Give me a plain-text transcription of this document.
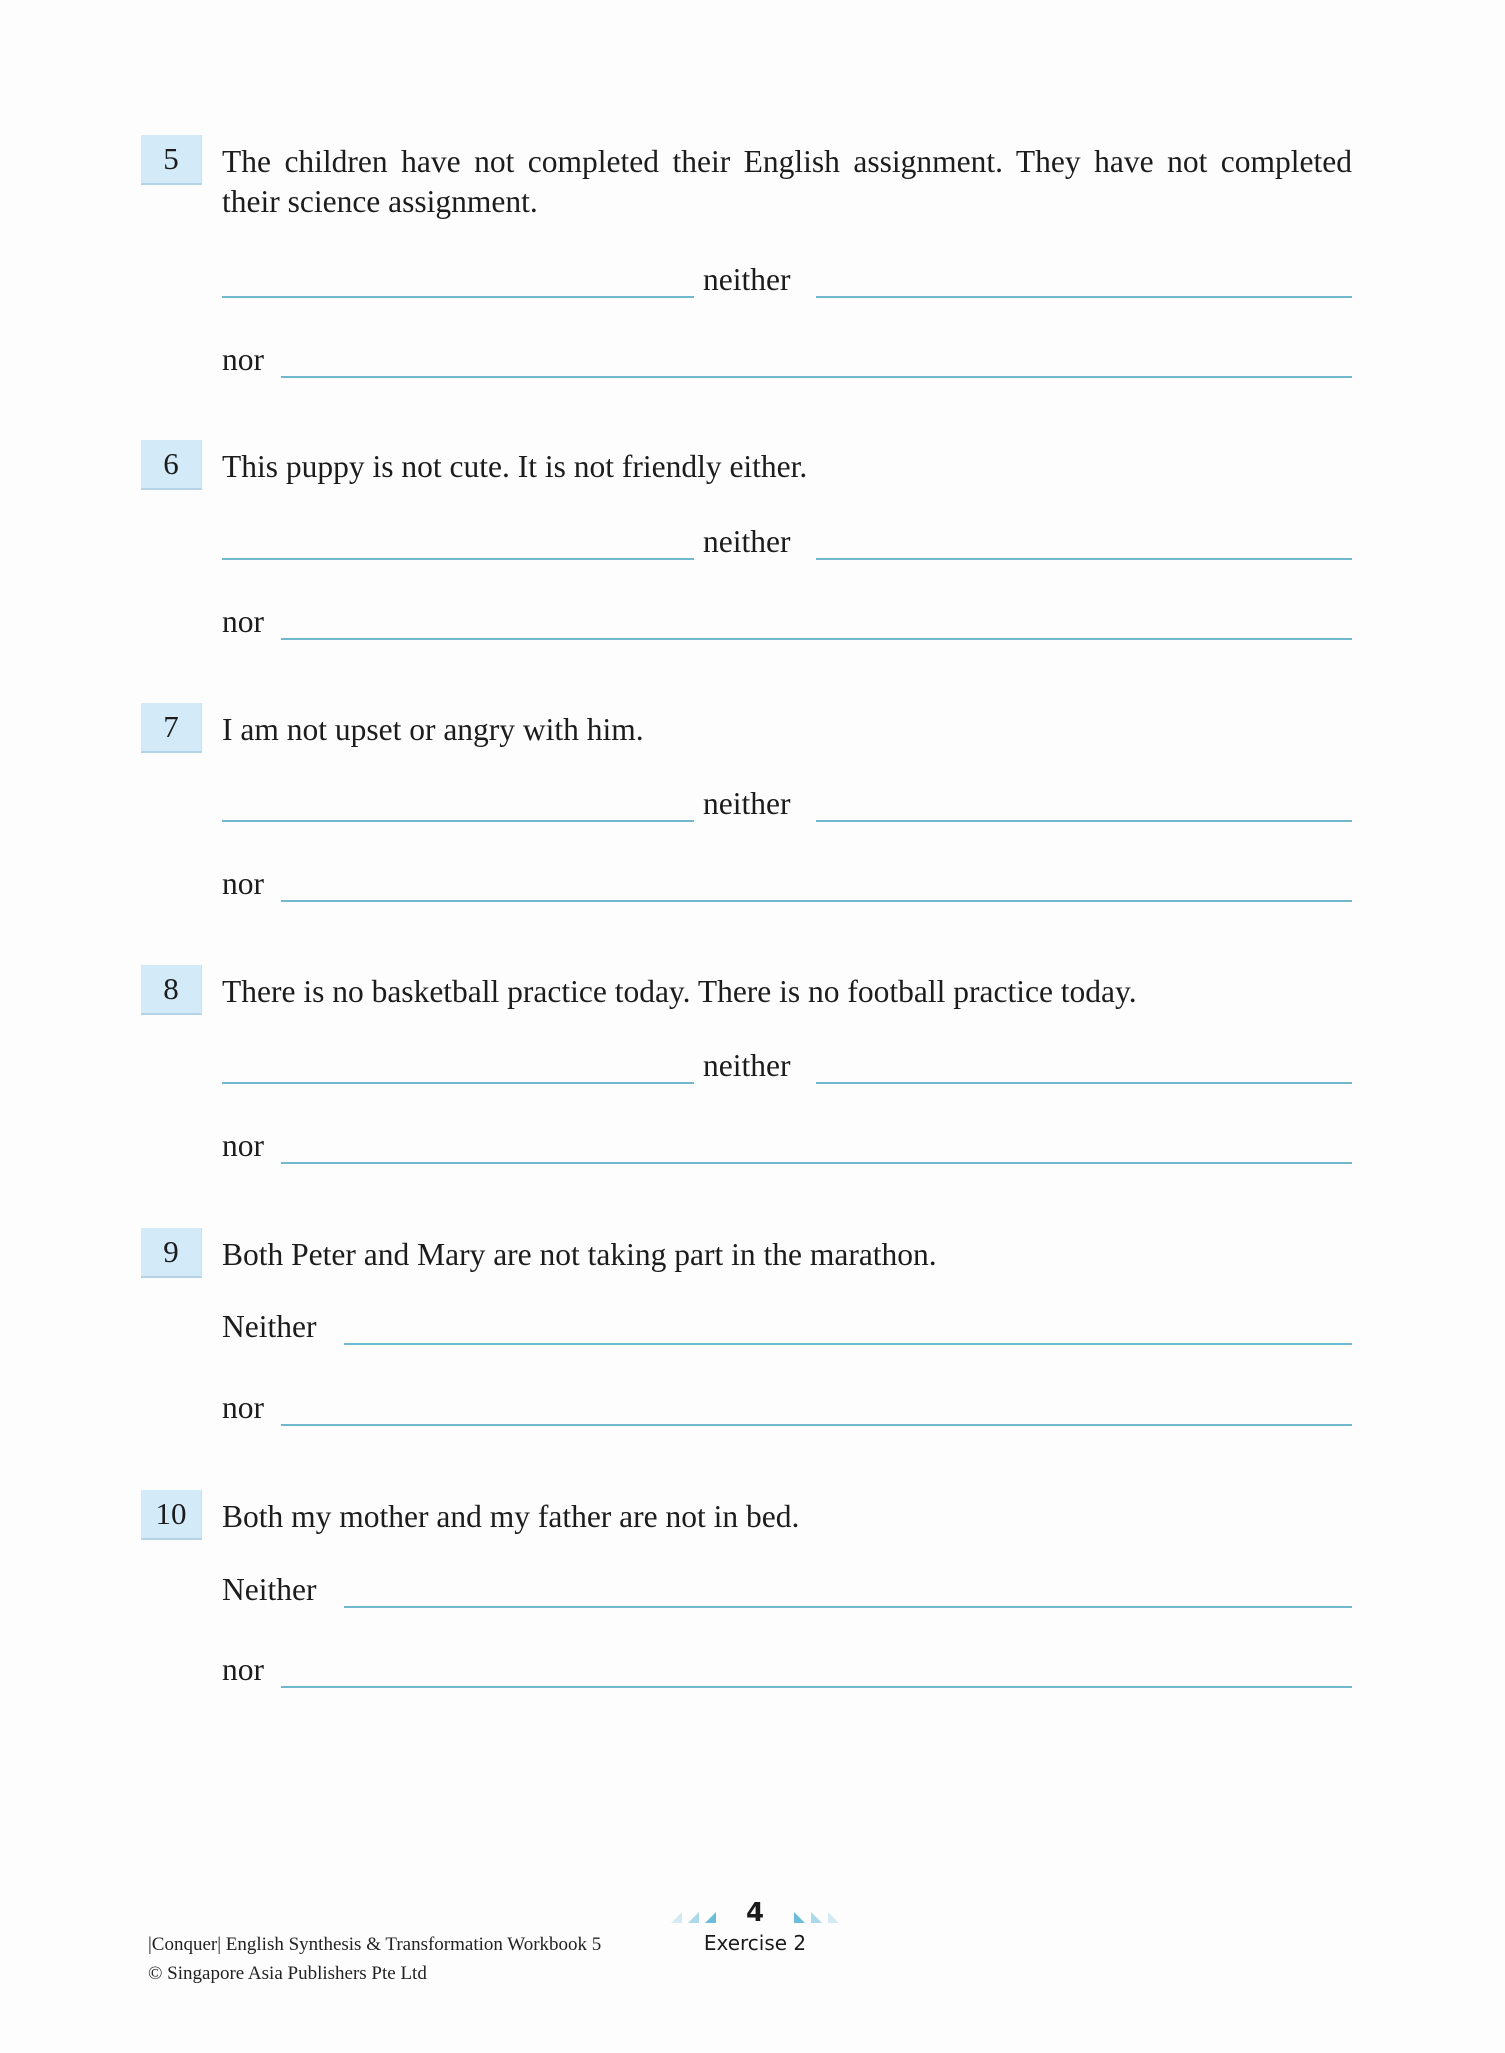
5	The children have not completed their English assignment. They have not completed their science assignment.

neither
nor
6	This puppy is not cute. It is not friendly either.

neither
nor
7	I am not upset or angry with him.

neither
nor
8	There is no basketball practice today. There is no football practice today.

neither
nor
9	Both Peter and Mary are not taking part in the marathon.

Neither
nor
10	Both my mother and my father are not in bed.

Neither
nor
|Conquer| English Synthesis & Transformation Workbook 5
© Singapore Asia Publishers Pte Ltd
4
Exercise 2
